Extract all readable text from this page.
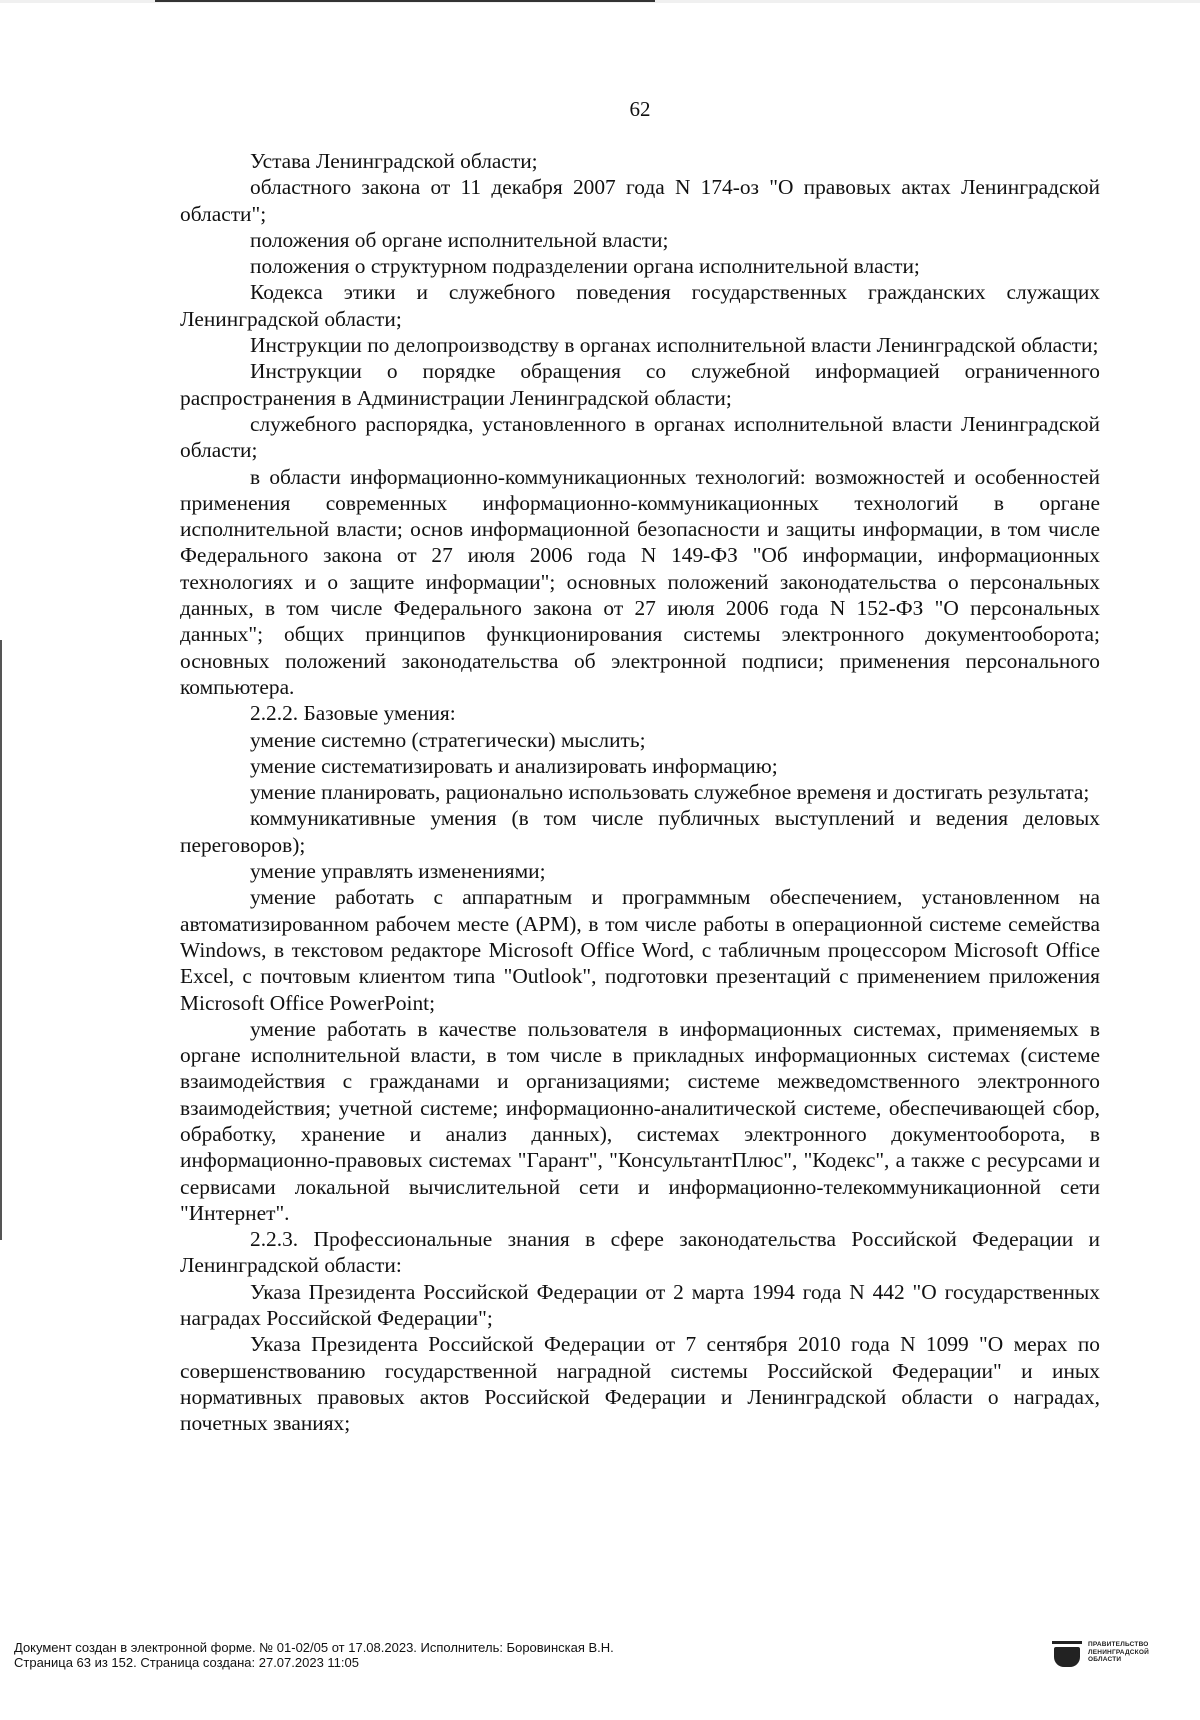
62

Устава Ленинградской области;

областного закона от 11 декабря 2007 года N 174-оз "О правовых актах Ленинградской области";

положения об органе исполнительной власти;

положения о структурном подразделении органа исполнительной власти;

Кодекса этики и служебного поведения государственных гражданских служащих Ленинградской области;

Инструкции по делопроизводству в органах исполнительной власти Ленинградской области;

Инструкции о порядке обращения со служебной информацией ограниченного распространения в Администрации Ленинградской области;

служебного распорядка, установленного в органах исполнительной власти Ленинградской области;

в области информационно-коммуникационных технологий: возможностей и особенностей применения современных информационно-коммуникационных технологий в органе исполнительной власти; основ информационной безопасности и защиты информации, в том числе Федерального закона от 27 июля 2006 года N 149-ФЗ "Об информации, информационных технологиях и о защите информации"; основных положений законодательства о персональных данных, в том числе Федерального закона от 27 июля 2006 года N 152-ФЗ "О персональных данных"; общих принципов функционирования системы электронного документооборота; основных положений законодательства об электронной подписи; применения персонального компьютера.

2.2.2. Базовые умения:

умение системно (стратегически) мыслить;

умение систематизировать и анализировать информацию;

умение планировать, рационально использовать служебное временя и достигать результата;

коммуникативные умения (в том числе публичных выступлений и ведения деловых переговоров);

умение управлять изменениями;

умение работать с аппаратным и программным обеспечением, установленном на автоматизированном рабочем месте (АРМ), в том числе работы в операционной системе семейства Windows, в текстовом редакторе Microsoft Office Word, с табличным процессором Microsoft Office Excel, с почтовым клиентом типа "Outlook", подготовки презентаций с применением приложения Microsoft Office PowerPoint;

умение работать в качестве пользователя в информационных системах, применяемых в органе исполнительной власти, в том числе в прикладных информационных системах (системе взаимодействия с гражданами и организациями; системе межведомственного электронного взаимодействия; учетной системе; информационно-аналитической системе, обеспечивающей сбор, обработку, хранение и анализ данных), системах электронного документооборота, в информационно-правовых системах "Гарант", "КонсультантПлюс", "Кодекс", а также с ресурсами и сервисами локальной вычислительной сети и информационно-телекоммуникационной сети "Интернет".

2.2.3. Профессиональные знания в сфере законодательства Российской Федерации и Ленинградской области:

Указа Президента Российской Федерации от 2 марта 1994 года N 442 "О государственных наградах Российской Федерации";

Указа Президента Российской Федерации от 7 сентября 2010 года N 1099 "О мерах по совершенствованию государственной наградной системы Российской Федерации" и иных нормативных правовых актов Российской Федерации и Ленинградской области о наградах, почетных званиях;

Документ создан в электронной форме. № 01-02/05 от 17.08.2023. Исполнитель: Боровинская В.Н.
Страница 63 из 152. Страница создана: 27.07.2023 11:05
ПРАВИТЕЛЬСТВО
ЛЕНИНГРАДСКОЙ
ОБЛАСТИ
